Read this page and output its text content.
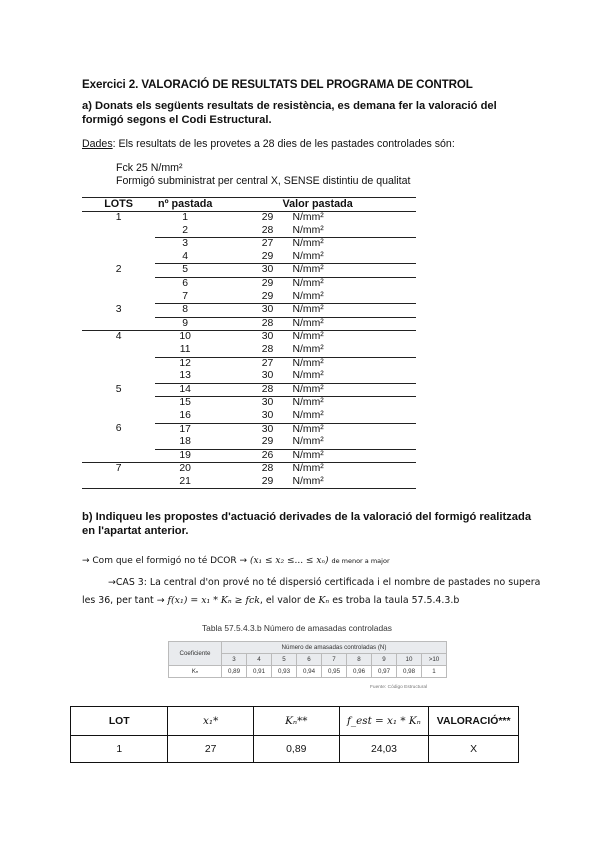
Exercici 2. VALORACIÓ DE RESULTATS DEL PROGRAMA DE CONTROL
a) Donats els següents resultats de resistència, es demana fer la valoració del formigó segons el Codi Estructural.
Dades: Els resultats de les provetes a 28 dies de les pastades controlades són:
Fck 25 N/mm²
Formigó subministrat per central X, SENSE distintiu de qualitat
LOTS	nº pastada	Valor pastada
1	1	29 N/mm²
	2	28 N/mm²
	3	27 N/mm²
	4	29 N/mm²
2	5	30 N/mm²
	6	29 N/mm²
	7	29 N/mm²
3	8	30 N/mm²
	9	28 N/mm²
4	10	30 N/mm²
	11	28 N/mm²
	12	27 N/mm²
	13	30 N/mm²
5	14	28 N/mm²
	15	30 N/mm²
	16	30 N/mm²
6	17	30 N/mm²
	18	29 N/mm²
	19	26 N/mm²
7	20	28 N/mm²
	21	29 N/mm²
b) Indiqueu les propostes d'actuació derivades de la valoració del formigó realitzada en l'apartat anterior.
→ Com que el formigó no té DCOR → (x₁ ≤ x₂ ≤... ≤ xₙ) de menor a major
→CAS 3: La central d'on prové no té dispersió certificada i el nombre de pastades no supera
les 36, per tant → f(x₁) = x₁ * Kₙ ≥ fck, el valor de Kₙ es troba la taula 57.5.4.3.b
Tabla 57.5.4.3.b Número de amasadas controladas
Coeficiente	Número de amasadas controladas (N)								
	3	4	5	6	7	8	9	10	>10
Kₙ	0,89	0,91	0,93	0,94	0,95	0,96	0,97	0,98	1
Fuente: Código Estructural
LOT	x₁*	Kₙ**	f_est = x₁ * Kₙ	VALORACIÓ***
1	27	0,89	24,03	X
